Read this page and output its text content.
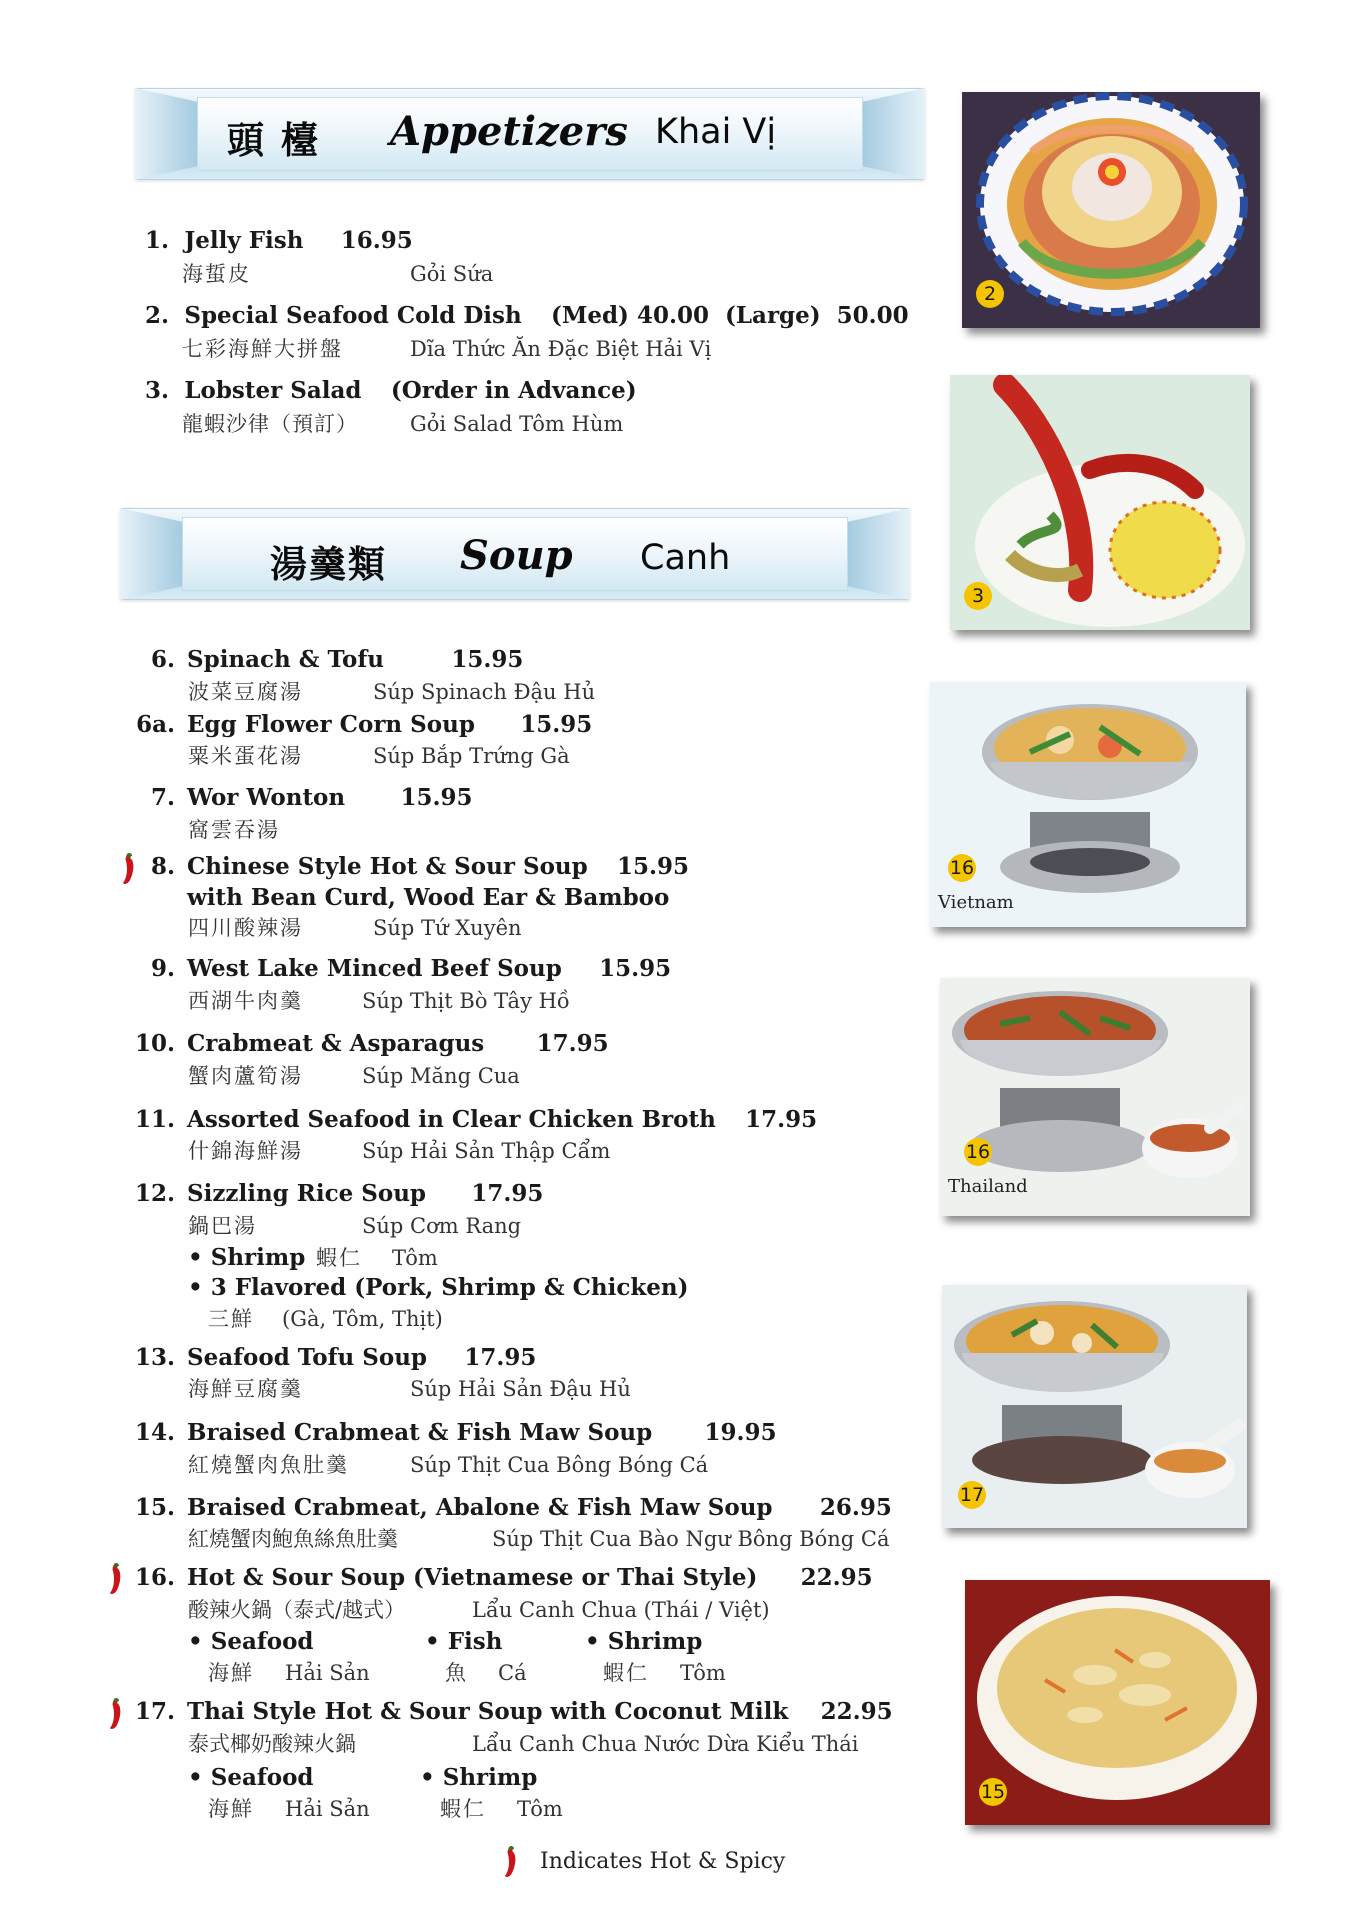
頭 檯 Appetizers Khai Vị
1. Jelly Fish 16.95
海蜇皮	Gỏi Sứa
2. Special Seafood Cold Dish (Med) 40.00  (Large)  50.00
七彩海鮮大拼盤	Dĩa Thức Ăn Đặc Biệt Hải Vị
3. Lobster Salad (Order in Advance)
龍蝦沙律（預訂） Gỏi Salad Tôm Hùm
湯羹類 Soup Canh
6. Spinach & Tofu	15.95
波菜豆腐湯	Súp Spinach Đậu Hủ
6a. Egg Flower Corn Soup 15.95
粟米蛋花湯	Súp Bắp Trứng Gà
7. Wor Wonton 15.95
窩雲吞湯
8. Chinese Style Hot & Sour Soup 15.95
with Bean Curd, Wood Ear & Bamboo
四川酸辣湯	Súp Tứ Xuyên
9. West Lake Minced Beef Soup 15.95
西湖牛肉羹	Súp Thịt Bò Tây Hồ
10. Crabmeat & Asparagus 17.95
蟹肉蘆筍湯	Súp Măng Cua
11. Assorted Seafood in Clear Chicken Broth 17.95
什錦海鮮湯	Súp Hải Sản Thập Cẩm
12. Sizzling Rice Soup 17.95
鍋巴湯	Súp Cơm Rang
• Shrimp 蝦仁 Tôm
• 3 Flavored (Pork, Shrimp & Chicken)
三鮮 (Gà, Tôm, Thịt)
13. Seafood Tofu Soup 17.95
海鮮豆腐羹	Súp Hải Sản Đậu Hủ
14. Braised Crabmeat & Fish Maw Soup 19.95
紅燒蟹肉魚肚羹	Súp Thịt Cua Bông Bóng Cá
15. Braised Crabmeat, Abalone & Fish Maw Soup 26.95
紅燒蟹肉鮑魚絲魚肚羹	Súp Thịt Cua Bào Ngư Bông Bóng Cá
16. Hot & Sour Soup (Vietnamese or Thai Style) 22.95
酸辣火鍋（泰式/越式）	Lẩu Canh Chua (Thái / Việt)
• Seafood	• Fish	• Shrimp
海鮮 Hải Sản	魚 Cá	蝦仁 Tôm
17. Thai Style Hot & Sour Soup with Coconut Milk 22.95
泰式椰奶酸辣火鍋	Lẩu Canh Chua Nước Dừa Kiểu Thái
• Seafood	• Shrimp
海鮮 Hải Sản	蝦仁 Tôm
Indicates Hot & Spicy
2
3
16
Vietnam
16
Thailand
17
15
